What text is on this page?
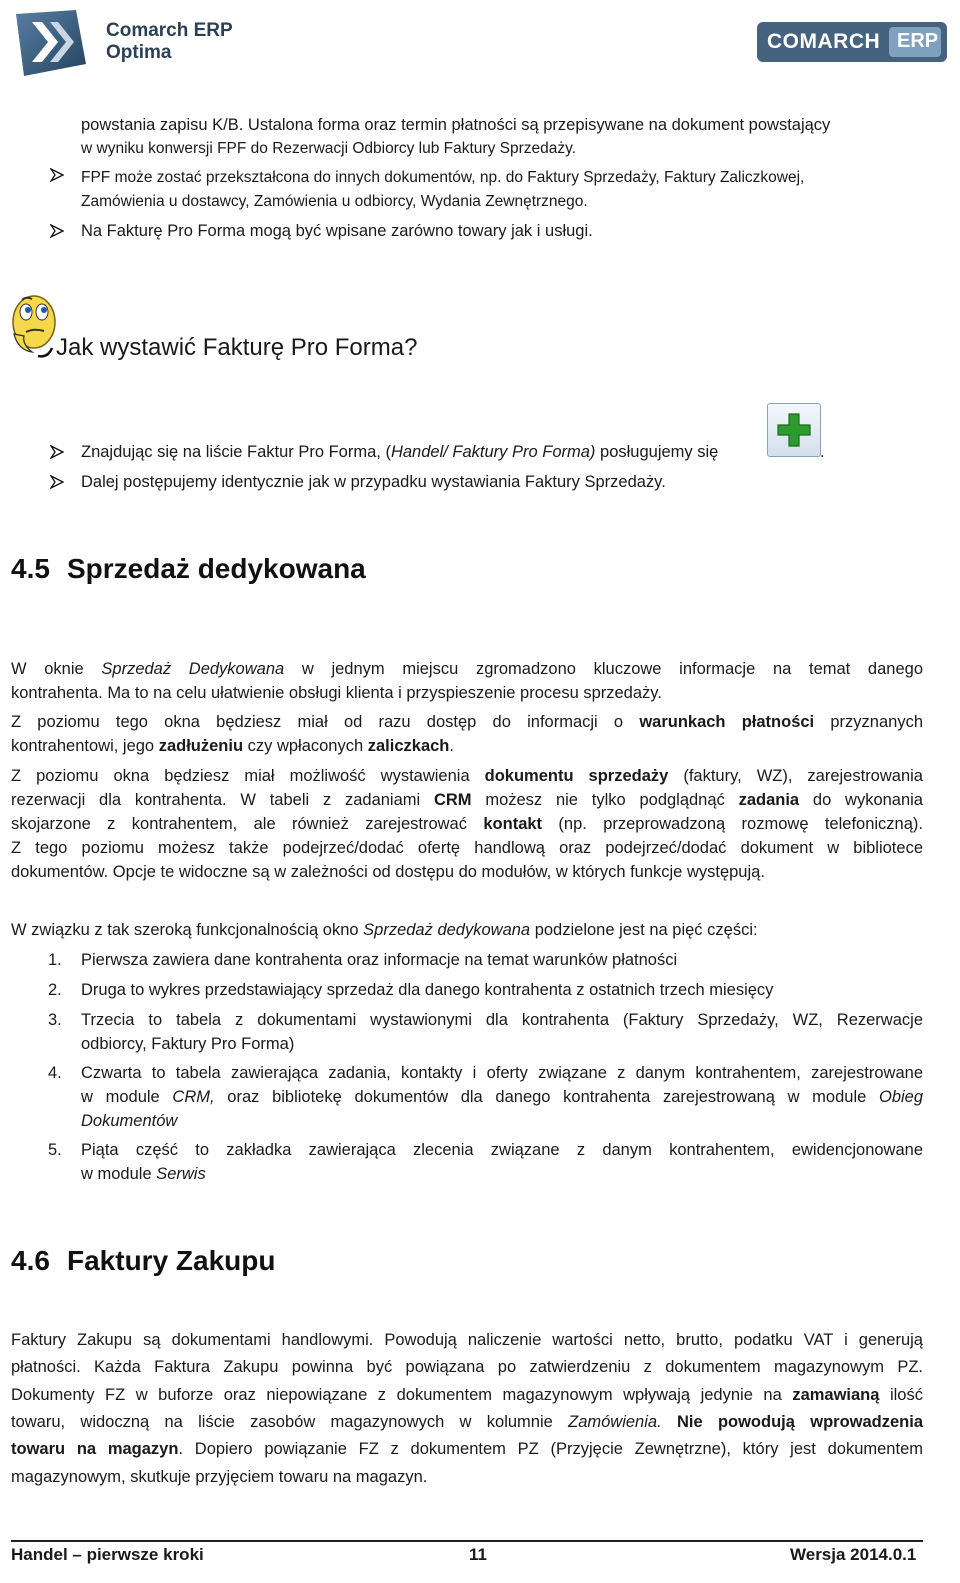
Comarch ERP
Optima	COMARCH ERP
powstania zapisu K/B. Ustalona forma oraz termin płatności są przepisywane na dokument powstający
w wyniku konwersji FPF do Rezerwacji Odbiorcy lub Faktury Sprzedaży.
FPF może zostać przekształcona do innych dokumentów, np. do Faktury Sprzedaży, Faktury Zaliczkowej,
Zamówienia u dostawcy, Zamówienia u odbiorcy, Wydania Zewnętrznego.
Na Fakturę Pro Forma mogą być wpisane zarówno towary jak i usługi.
Jak wystawić Fakturę Pro Forma?
Znajdując się na liście Faktur Pro Forma, (Handel/ Faktury Pro Forma) posługujemy się	.
Dalej postępujemy identycznie jak w przypadku wystawiania Faktury Sprzedaży.
4.5 Sprzedaż dedykowana
W oknie Sprzedaż Dedykowana w jednym miejscu zgromadzono kluczowe informacje na temat danego
kontrahenta. Ma to na celu ułatwienie obsługi klienta i przyspieszenie procesu sprzedaży.
Z poziomu tego okna będziesz miał od razu dostęp do informacji o warunkach płatności przyznanych
kontrahentowi, jego zadłużeniu czy wpłaconych zaliczkach.
Z poziomu okna będziesz miał możliwość wystawienia dokumentu sprzedaży (faktury, WZ), zarejestrowania
rezerwacji dla kontrahenta. W tabeli z zadaniami CRM możesz nie tylko podglądnąć zadania do wykonania
skojarzone z kontrahentem, ale również zarejestrować kontakt (np. przeprowadzoną rozmowę telefoniczną).
Z tego poziomu możesz także podejrzeć/dodać ofertę handlową oraz podejrzeć/dodać dokument w bibliotece
dokumentów. Opcje te widoczne są w zależności od dostępu do modułów, w których funkcje występują.
W związku z tak szeroką funkcjonalnością okno Sprzedaż dedykowana podzielone jest na pięć części:
1. Pierwsza zawiera dane kontrahenta oraz informacje na temat warunków płatności
2. Druga to wykres przedstawiający sprzedaż dla danego kontrahenta z ostatnich trzech miesięcy
3. Trzecia to tabela z dokumentami wystawionymi dla kontrahenta (Faktury Sprzedaży, WZ, Rezerwacje
odbiorcy, Faktury Pro Forma)
4. Czwarta to tabela zawierająca zadania, kontakty i oferty związane z danym kontrahentem, zarejestrowane
w module CRM, oraz bibliotekę dokumentów dla danego kontrahenta zarejestrowaną w module Obieg
Dokumentów
5. Piąta część to zakładka zawierająca zlecenia związane z danym kontrahentem, ewidencjonowane
w module Serwis
4.6 Faktury Zakupu
Faktury Zakupu są dokumentami handlowymi. Powodują naliczenie wartości netto, brutto, podatku VAT i generują
płatności. Każda Faktura Zakupu powinna być powiązana po zatwierdzeniu z dokumentem magazynowym PZ.
Dokumenty FZ w buforze oraz niepowiązane z dokumentem magazynowym wpływają jedynie na zamawianą ilość
towaru, widoczną na liście zasobów magazynowych w kolumnie Zamówienia. Nie powodują wprowadzenia
towaru na magazyn. Dopiero powiązanie FZ z dokumentem PZ (Przyjęcie Zewnętrzne), który jest dokumentem
magazynowym, skutkuje przyjęciem towaru na magazyn.
Handel – pierwsze kroki	11	Wersja 2014.0.1
